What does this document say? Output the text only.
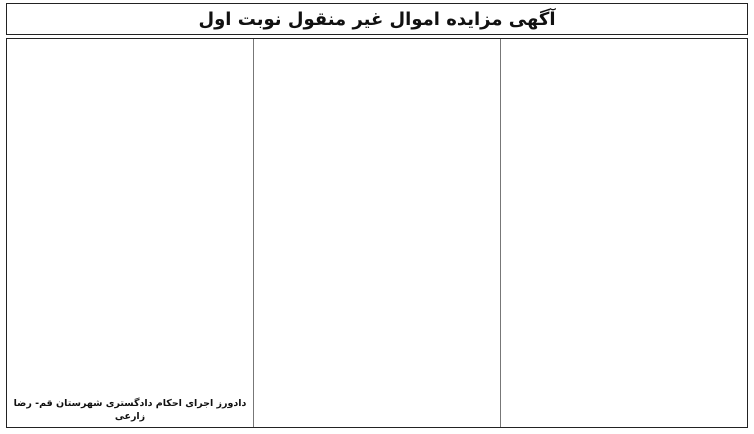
آگهی مزایده اموال غیر منقول نوبت اول

دادورز اجرای احکام دادگستری شهرستان قم- رضا زارعی
